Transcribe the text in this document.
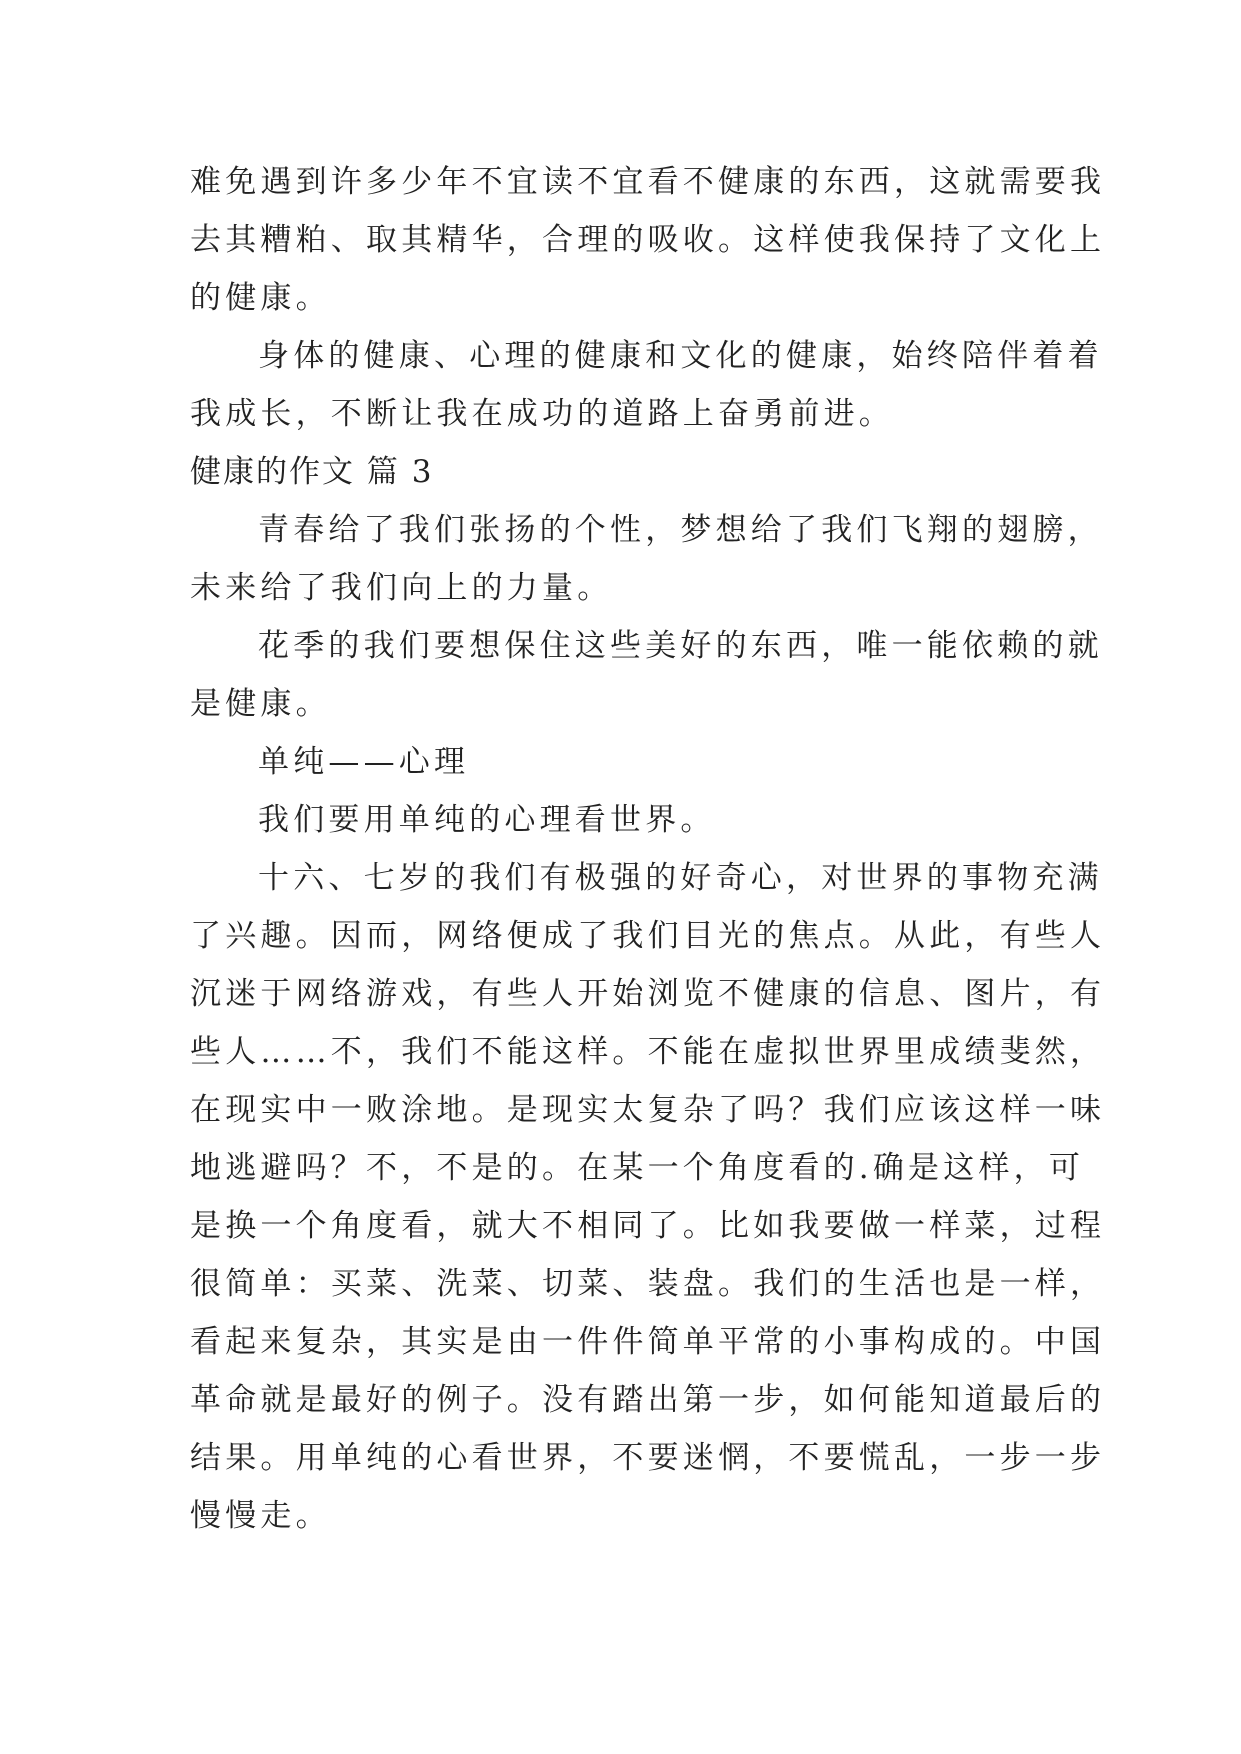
难免遇到许多少年不宜读不宜看不健康的东西，这就需要我
去其糟粕、取其精华，合理的吸收。这样使我保持了文化上
的健康。
身体的健康、心理的健康和文化的健康，始终陪伴着着
我成长，不断让我在成功的道路上奋勇前进。
健康的作文 篇 3
青春给了我们张扬的个性，梦想给了我们飞翔的翅膀，
未来给了我们向上的力量。
花季的我们要想保住这些美好的东西，唯一能依赖的就
是健康。
单纯——心理
我们要用单纯的心理看世界。
十六、七岁的我们有极强的好奇心，对世界的事物充满
了兴趣。因而，网络便成了我们目光的焦点。从此，有些人
沉迷于网络游戏，有些人开始浏览不健康的信息、图片，有
些人……不，我们不能这样。不能在虚拟世界里成绩斐然，
在现实中一败涂地。是现实太复杂了吗？我们应该这样一味
地逃避吗？不，不是的。在某一个角度看的.确是这样，可
是换一个角度看，就大不相同了。比如我要做一样菜，过程
很简单：买菜、洗菜、切菜、装盘。我们的生活也是一样，
看起来复杂，其实是由一件件简单平常的小事构成的。中国
革命就是最好的例子。没有踏出第一步，如何能知道最后的
结果。用单纯的心看世界，不要迷惘，不要慌乱，一步一步
慢慢走。
